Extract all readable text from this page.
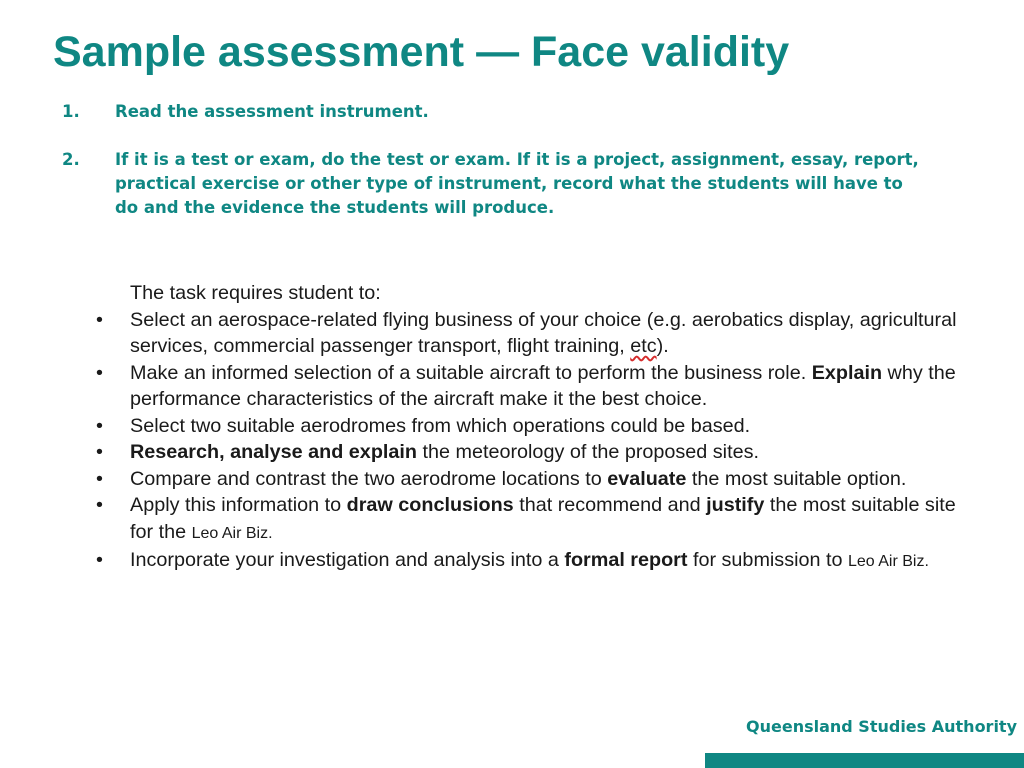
Sample assessment — Face validity
1. Read the assessment instrument.
2. If it is a test or exam, do the test or exam. If it is a project, assignment, essay, report, practical exercise or other type of instrument, record what the students will have to do and the evidence the students will produce.
The task requires student to:
• Select an aerospace-related flying business of your choice (e.g. aerobatics display, agricultural services, commercial passenger transport, flight training, etc).
• Make an informed selection of a suitable aircraft to perform the business role. Explain why the performance characteristics of the aircraft make it the best choice.
• Select two suitable aerodromes from which operations could be based.
• Research, analyse and explain the meteorology of the proposed sites.
• Compare and contrast the two aerodrome locations to evaluate the most suitable option.
• Apply this information to draw conclusions that recommend and justify the most suitable site for the Leo Air Biz.
• Incorporate your investigation and analysis into a formal report for submission to Leo Air Biz.
Queensland Studies Authority
